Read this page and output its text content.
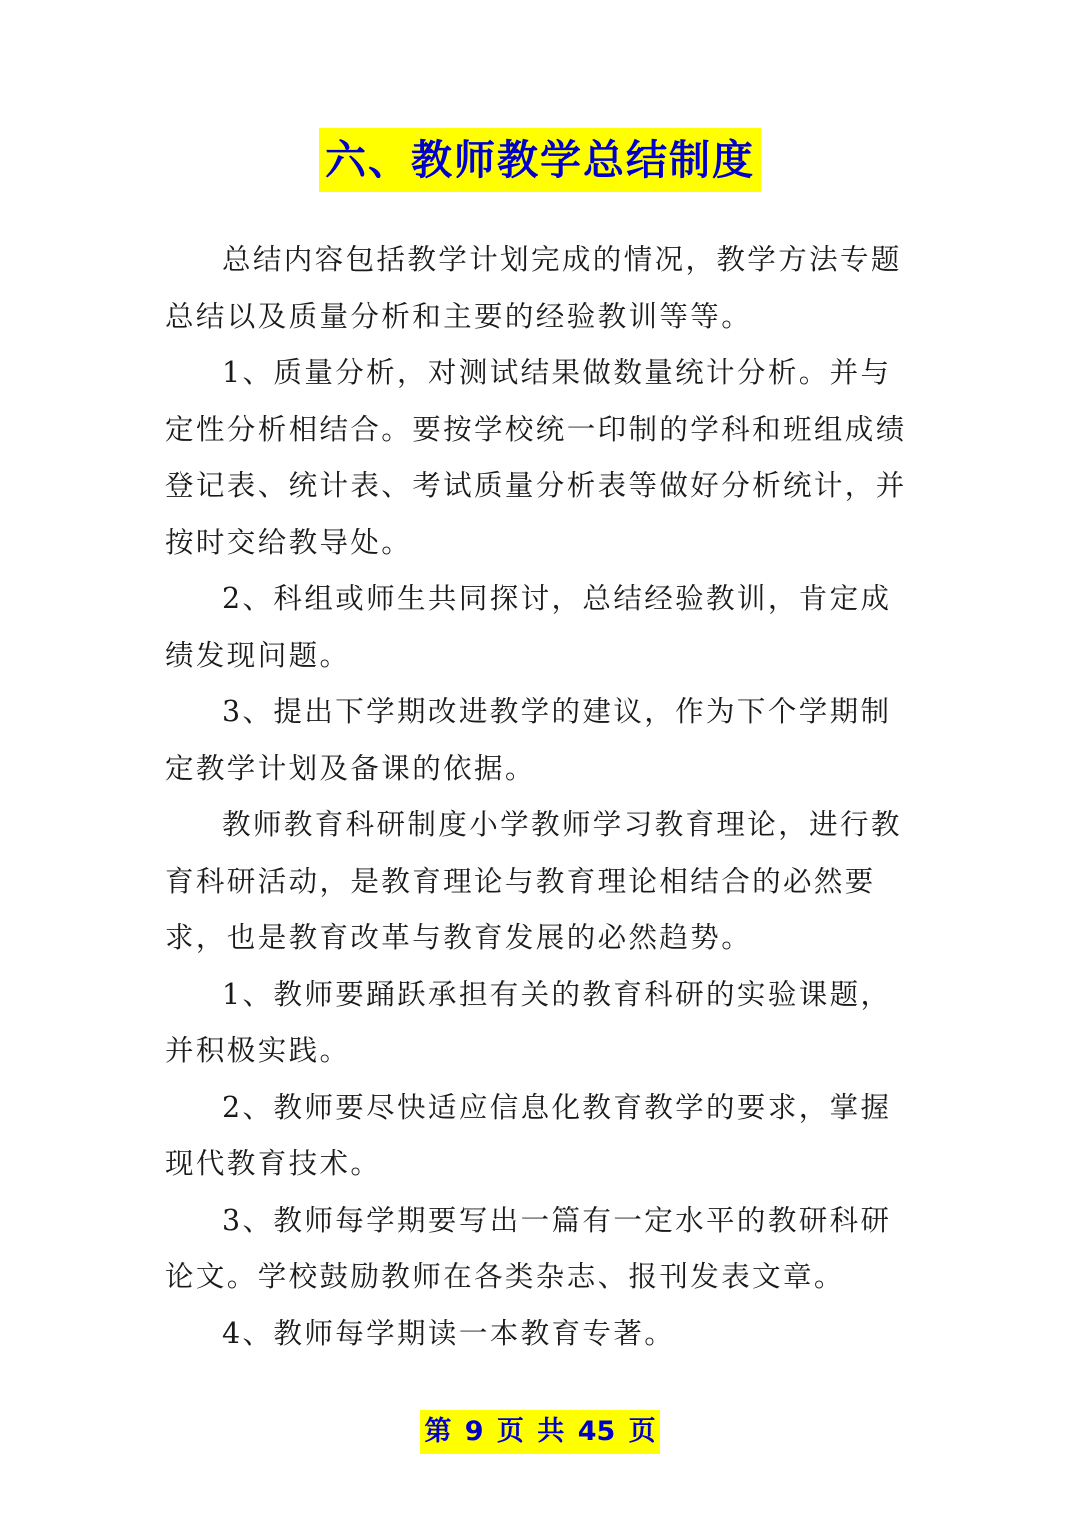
六、教师教学总结制度

总结内容包括教学计划完成的情况，教学方法专题总结以及质量分析和主要的经验教训等等。

1、质量分析，对测试结果做数量统计分析。并与定性分析相结合。要按学校统一印制的学科和班组成绩登记表、统计表、考试质量分析表等做好分析统计，并按时交给教导处。

2、科组或师生共同探讨，总结经验教训，肯定成绩发现问题。

3、提出下学期改进教学的建议，作为下个学期制定教学计划及备课的依据。

教师教育科研制度小学教师学习教育理论，进行教育科研活动，是教育理论与教育理论相结合的必然要求，也是教育改革与教育发展的必然趋势。

1、教师要踊跃承担有关的教育科研的实验课题，并积极实践。

2、教师要尽快适应信息化教育教学的要求，掌握现代教育技术。

3、教师每学期要写出一篇有一定水平的教研科研论文。学校鼓励教师在各类杂志、报刊发表文章。

4、教师每学期读一本教育专著。

第 9 页 共 45 页
